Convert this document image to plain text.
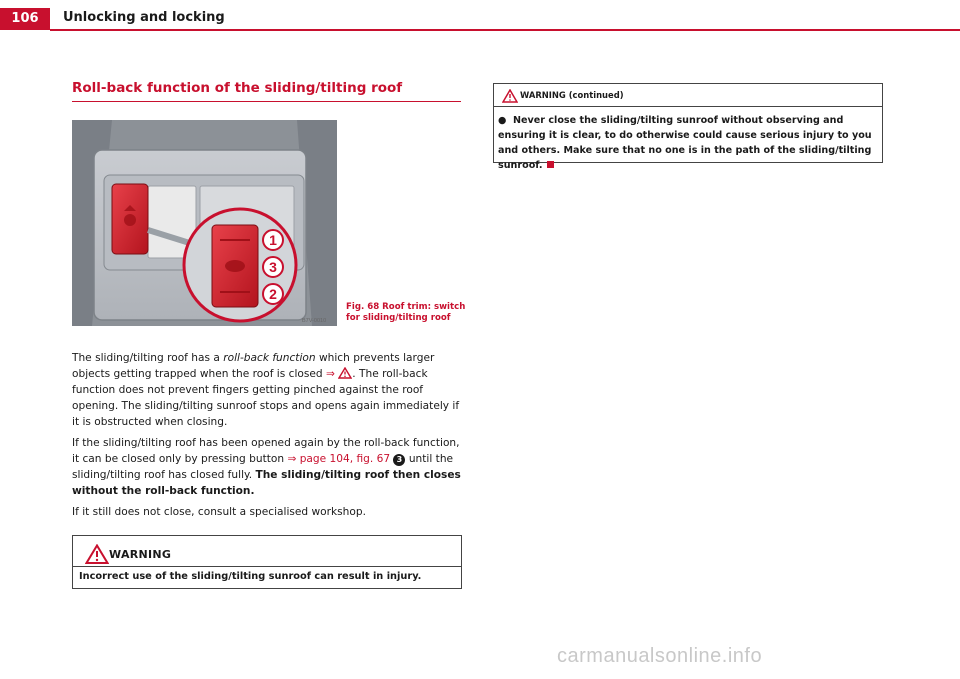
106	Unlocking and locking
Roll-back function of the sliding/tilting roof
1
3
2
B7V-0010
Fig. 68 Roof trim: switch for sliding/tilting roof
The sliding/tilting roof has a roll-back function which prevents larger objects getting trapped when the roof is closed ⇒ . The roll-back function does not prevent fingers getting pinched against the roof opening. The sliding/tilting sunroof stops and opens again immediately if it is obstructed when closing.
If the sliding/tilting roof has been opened again by the roll-back function, it can be closed only by pressing button ⇒ page 104, fig. 67 3 until the sliding/tilting roof has closed fully. The sliding/tilting roof then closes without the roll-back function.
If it still does not close, consult a specialised workshop.
WARNING
Incorrect use of the sliding/tilting sunroof can result in injury.
WARNING (continued)
● Never close the sliding/tilting sunroof without observing and ensuring it is clear, to do otherwise could cause serious injury to you and others. Make sure that no one is in the path of the sliding/tilting sunroof.
carmanualsonline.info
